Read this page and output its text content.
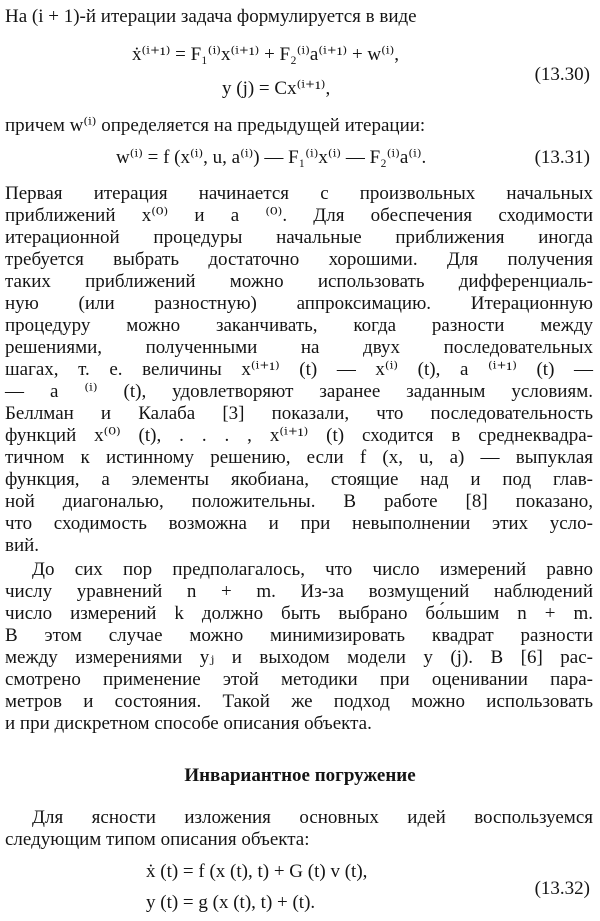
На (i + 1)-й итерации задача формулируется в виде
ẋ⁽ⁱ⁺¹⁾ = F₁⁽ⁱ⁾x⁽ⁱ⁺¹⁾ + F₂⁽ⁱ⁾a⁽ⁱ⁺¹⁾ + w⁽ⁱ⁾,
y (j) = Cx⁽ⁱ⁺¹⁾,
(13.30)
причем w⁽ⁱ⁾ определяется на предыдущей итерации:
w⁽ⁱ⁾ = f (x⁽ⁱ⁾, u, a⁽ⁱ⁾) — F₁⁽ⁱ⁾x⁽ⁱ⁾ — F₂⁽ⁱ⁾a⁽ⁱ⁾.	(13.31)
Первая итерация начинается с произвольных начальных
приближений x⁽⁰⁾ и a ⁽⁰⁾. Для обеспечения сходимости
итерационной процедуры начальные приближения иногда
требуется выбрать достаточно хорошими. Для получения
таких приближений можно использовать дифференциаль-
ную (или разностную) аппроксимацию. Итерационную
процедуру можно заканчивать, когда разности между
решениями, полученными на двух последовательных
шагах, т. е. величины x⁽ⁱ⁺¹⁾ (t) — x⁽ⁱ⁾ (t), a ⁽ⁱ⁺¹⁾ (t) —
— a ⁽ⁱ⁾ (t), удовлетворяют заранее заданным условиям.
Беллман и Калаба [3] показали, что последовательность
функций x⁽⁰⁾ (t), . . . , x⁽ⁱ⁺¹⁾ (t) сходится в среднеквадра-
тичном к истинному решению, если f (x, u, a) — выпуклая
функция, а элементы якобиана, стоящие над и под глав-
ной диагональю, положительны. В работе [8] показано,
что сходимость возможна и при невыполнении этих усло-
вий.
До сих пор предполагалось, что число измерений равно
числу уравнений n + m. Из-за возмущений наблюдений
число измерений k должно быть выбрано бо́льшим n + m.
В этом случае можно минимизировать квадрат разности
между измерениями yⱼ и выходом модели y (j). В [6] рас-
смотрено применение этой методики при оценивании пара-
метров и состояния. Такой же подход можно использовать
и при дискретном способе описания объекта.
Инвариантное погружение
Для ясности изложения основных идей воспользуемся
следующим типом описания объекта:
ẋ (t) = f (x (t), t) + G (t) v (t),
y (t) = g (x (t), t) + (t).
(13.32)
